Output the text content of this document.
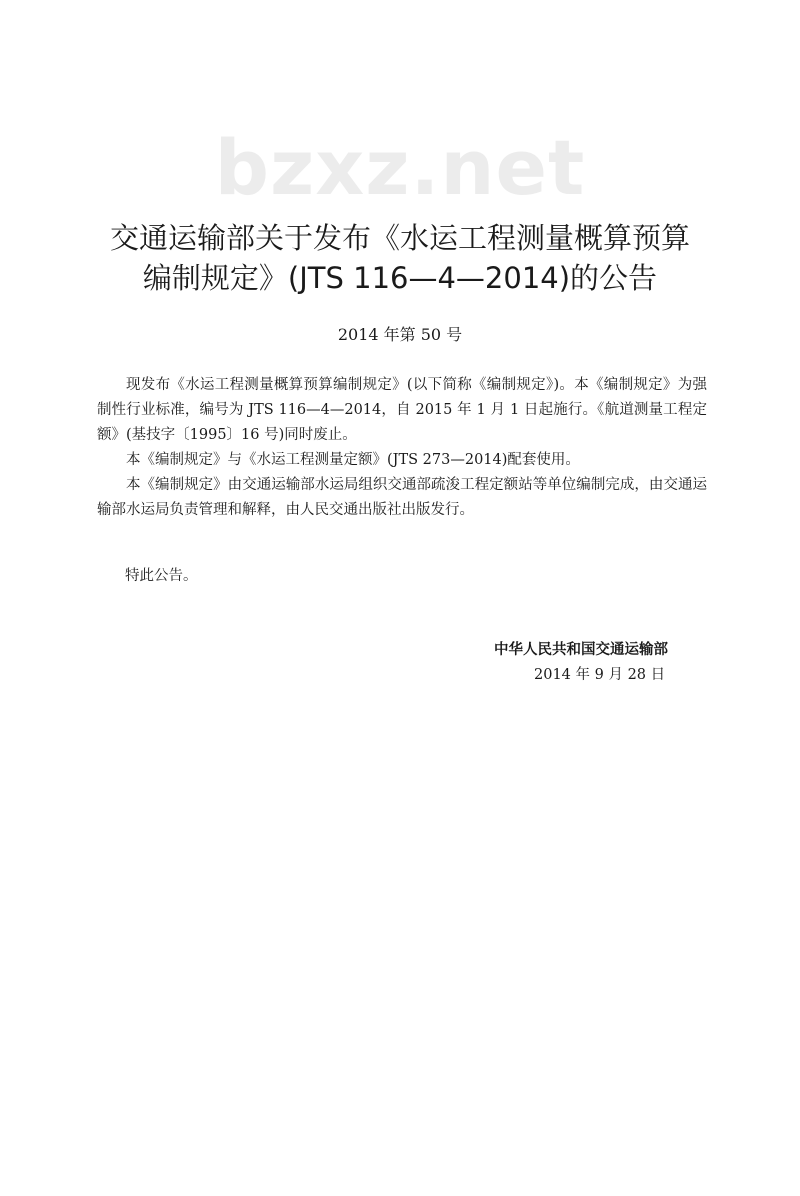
bzxz.net
交通运输部关于发布《水运工程测量概算预算
编制规定》(JTS 116—4—2014)的公告
2014 年第 50 号

现发布《水运工程测量概算预算编制规定》(以下简称《编制规定》)。本《编制规定》为强制性行业标准，编号为 JTS 116—4—2014，自 2015 年 1 月 1 日起施行。《航道测量工程定额》(基技字〔1995〕16 号)同时废止。

本《编制规定》与《水运工程测量定额》(JTS 273—2014)配套使用。

本《编制规定》由交通运输部水运局组织交通部疏浚工程定额站等单位编制完成，由交通运输部水运局负责管理和解释，由人民交通出版社出版发行。

特此公告。
中华人民共和国交通运输部
2014 年 9 月 28 日
